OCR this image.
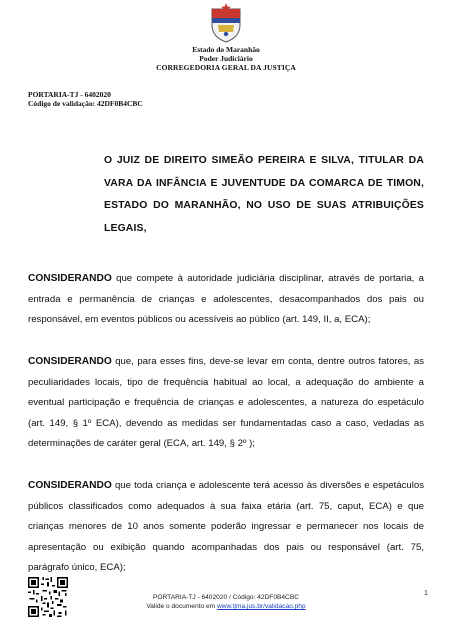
Estado do Maranhão
Poder Judiciário
CORREGEDORIA GERAL DA JUSTIÇA
PORTARIA-TJ - 6402020
Código de validação: 42DF0B4CBC
O JUIZ DE DIREITO SIMEÃO PEREIRA E SILVA, TITULAR DA VARA DA INFÂNCIA E JUVENTUDE DA COMARCA DE TIMON, ESTADO DO MARANHÃO, NO USO DE SUAS ATRIBUIÇÕES LEGAIS,
CONSIDERANDO que compete à autoridade judiciária disciplinar, através de portaria, a entrada e permanência de crianças e adolescentes, desacompanhados dos pais ou responsável, em eventos públicos ou acessíveis ao público (art. 149, II, a, ECA);
CONSIDERANDO que, para esses fins, deve-se levar em conta, dentre outros fatores, as peculiaridades locais, tipo de frequência habitual ao local, a adequação do ambiente a eventual participação e frequência de crianças e adolescentes, a natureza do espetáculo (art. 149, § 1º ECA), devendo as medidas ser fundamentadas caso a caso, vedadas as determinações de caráter geral (ECA, art. 149, § 2º );
CONSIDERANDO que toda criança e adolescente terá acesso às diversões e espetáculos públicos classificados como adequados à sua faixa etária (art. 75, caput, ECA) e que crianças menores de 10 anos somente poderão ingressar e permanecer nos locais de apresentação ou exibição quando acompanhadas dos pais ou responsável (art. 75, parágrafo único, ECA);
PORTARIA-TJ - 6402020 / Código: 42DF0B4CBC
Valide o documento em www.tjma.jus.br/validacao.php
1
